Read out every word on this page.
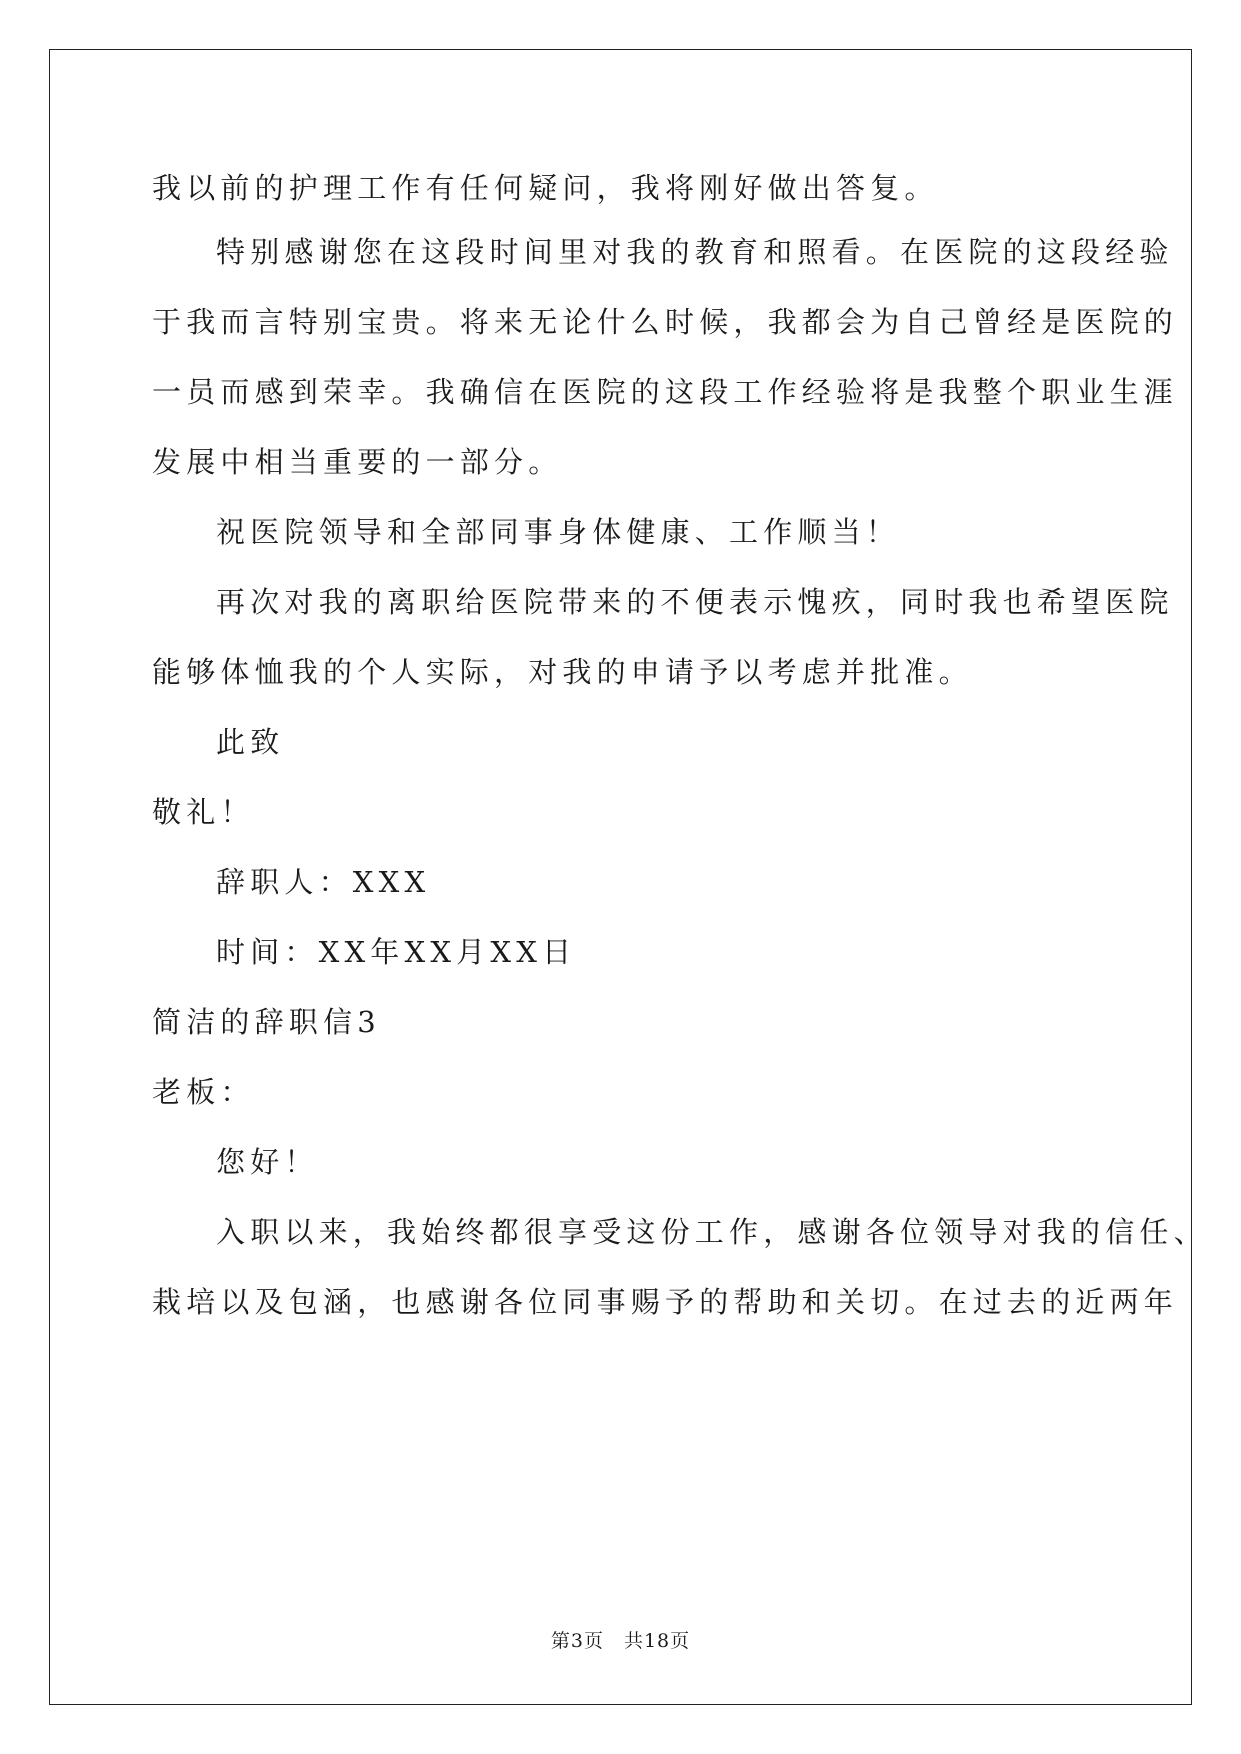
我以前的护理工作有任何疑问，我将刚好做出答复。
特别感谢您在这段时间里对我的教育和照看。在医院的这段经验
于我而言特别宝贵。将来无论什么时候，我都会为自己曾经是医院的
一员而感到荣幸。我确信在医院的这段工作经验将是我整个职业生涯
发展中相当重要的一部分。
祝医院领导和全部同事身体健康、工作顺当！
再次对我的离职给医院带来的不便表示愧疚，同时我也希望医院
能够体恤我的个人实际，对我的申请予以考虑并批准。
此致
敬礼！
辞职人：XXX
时间：XX年XX月XX日
简洁的辞职信3
老板：
您好！
入职以来，我始终都很享受这份工作，感谢各位领导对我的信任、
栽培以及包涵，也感谢各位同事赐予的帮助和关切。在过去的近两年
第3页　共18页
